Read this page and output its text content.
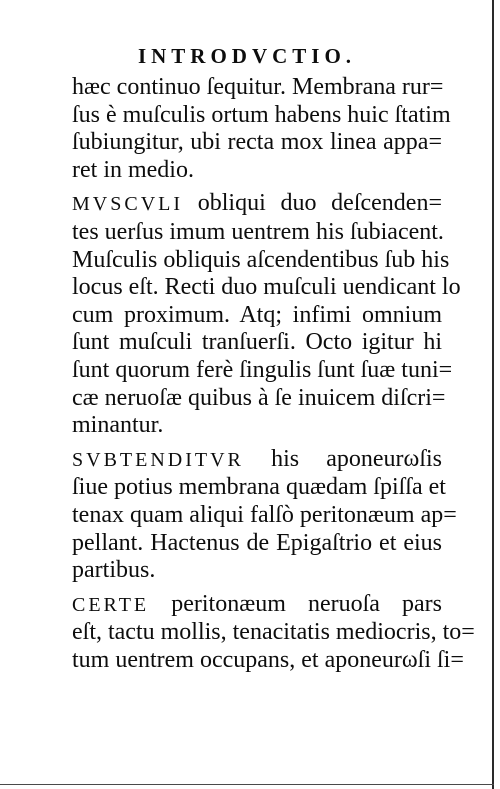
INTRODVCTIO.
hæc continuo ſequitur. Membrana rur=
ſus è muſculis ortum habens huic ſtatim
ſubiungitur, ubi recta mox linea appa=
ret in medio.
MVSCVLI obliqui duo deſcenden=
tes uerſus imum uentrem his ſubiacent.
Muſculis obliquis aſcendentibus ſub his
locus eſt. Recti duo muſculi uendicant lo
cum proximum. Atq; infimi omnium
ſunt muſculi tranſuerſi. Octo igitur hi
ſunt quorum ferè ſingulis ſunt ſuæ tuni=
cæ neruoſæ quibus à ſe inuicem diſcri=
minantur.
SVBTENDITVR his aponeurωſis
ſiue potius membrana quædam ſpiſſa et
tenax quam aliqui falſò peritonæum ap=
pellant. Hactenus de Epigaſtrio et eius
partibus.
CERTE peritonæum neruoſa pars
eſt, tactu mollis, tenacitatis mediocris, to=
tum uentrem occupans, et aponeurωſi ſi=
